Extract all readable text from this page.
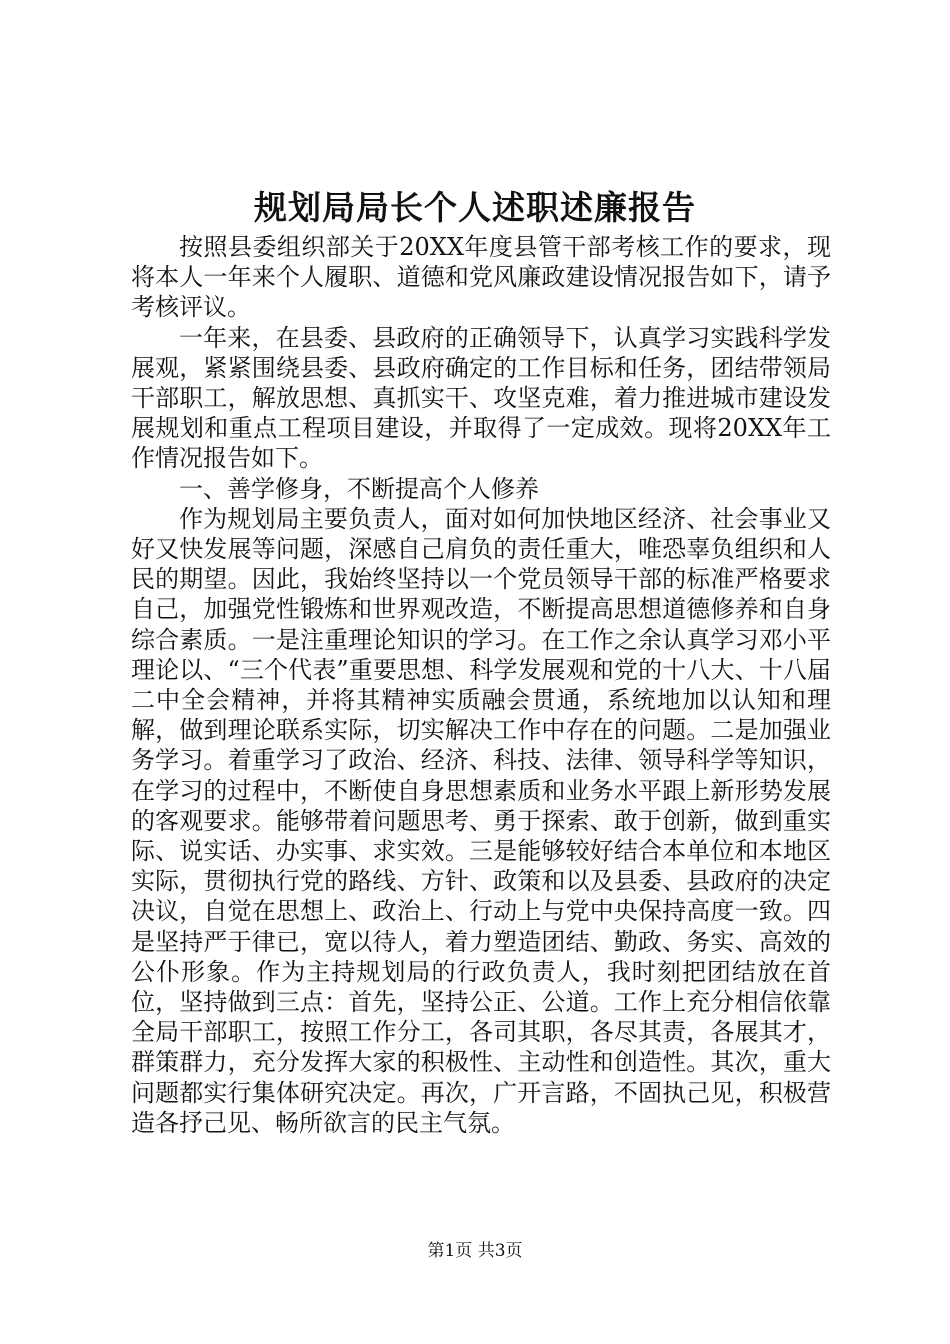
规划局局长个人述职述廉报告

按照县委组织部关于20XX年度县管干部考核工作的要求，现将本人一年来个人履职、道德和党风廉政建设情况报告如下，请予考核评议。

一年来，在县委、县政府的正确领导下，认真学习实践科学发展观，紧紧围绕县委、县政府确定的工作目标和任务，团结带领局干部职工，解放思想、真抓实干、攻坚克难，着力推进城市建设发展规划和重点工程项目建设，并取得了一定成效。现将20XX年工作情况报告如下。

一、善学修身，不断提高个人修养

作为规划局主要负责人，面对如何加快地区经济、社会事业又好又快发展等问题，深感自己肩负的责任重大，唯恐辜负组织和人民的期望。因此，我始终坚持以一个党员领导干部的标准严格要求自己，加强党性锻炼和世界观改造，不断提高思想道德修养和自身综合素质。一是注重理论知识的学习。在工作之余认真学习邓小平理论以、“三个代表”重要思想、科学发展观和党的十八大、十八届二中全会精神，并将其精神实质融会贯通，系统地加以认知和理解，做到理论联系实际，切实解决工作中存在的问题。二是加强业务学习。着重学习了政治、经济、科技、法律、领导科学等知识，在学习的过程中，不断使自身思想素质和业务水平跟上新形势发展的客观要求。能够带着问题思考、勇于探索、敢于创新，做到重实际、说实话、办实事、求实效。三是能够较好结合本单位和本地区实际，贯彻执行党的路线、方针、政策和以及县委、县政府的决定决议，自觉在思想上、政治上、行动上与党中央保持高度一致。四是坚持严于律已，宽以待人，着力塑造团结、勤政、务实、高效的公仆形象。作为主持规划局的行政负责人，我时刻把团结放在首位，坚持做到三点：首先，坚持公正、公道。工作上充分相信依靠全局干部职工，按照工作分工，各司其职，各尽其责，各展其才，群策群力，充分发挥大家的积极性、主动性和创造性。其次，重大问题都实行集体研究决定。再次，广开言路，不固执己见，积极营造各抒己见、畅所欲言的民主气氛。

第1页 共3页
